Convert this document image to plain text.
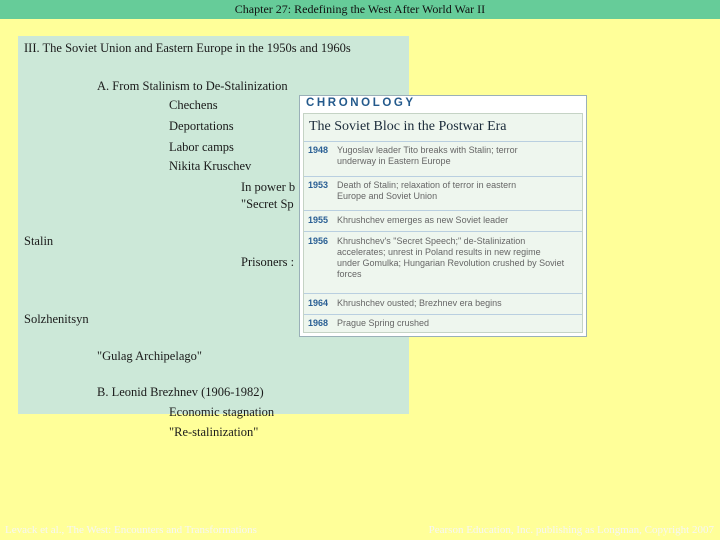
Chapter 27: Redefining the West After World War II
III. The Soviet Union and Eastern Europe in the 1950s and 1960s
A. From Stalinism to De-Stalinization
Chechens
Deportations
Labor camps
Nikita Kruschev
In power b
"Secret Sp
Stalin
Prisoners :
Solzhenitsyn
"Gulag Archipelago"
B. Leonid Brezhnev (1906-1982)
Economic stagnation
"Re-stalinization"
CHRONOLOGY
The Soviet Bloc in the Postwar Era
1948 Yugoslav leader Tito breaks with Stalin; terror
underway in Eastern Europe
1953 Death of Stalin; relaxation of terror in eastern
Europe and Soviet Union
1955 Khrushchev emerges as new Soviet leader
1956 Khrushchev's "Secret Speech;" de-Stalinization
accelerates; unrest in Poland results in new regime
under Gomulka; Hungarian Revolution crushed by Soviet forces
1964 Khrushchev ousted; Brezhnev era begins
1968 Prague Spring crushed
Levack et al., The West: Encounters and Transformations	Pearson Education, Inc. publishing as Longman, Copyright 2007
